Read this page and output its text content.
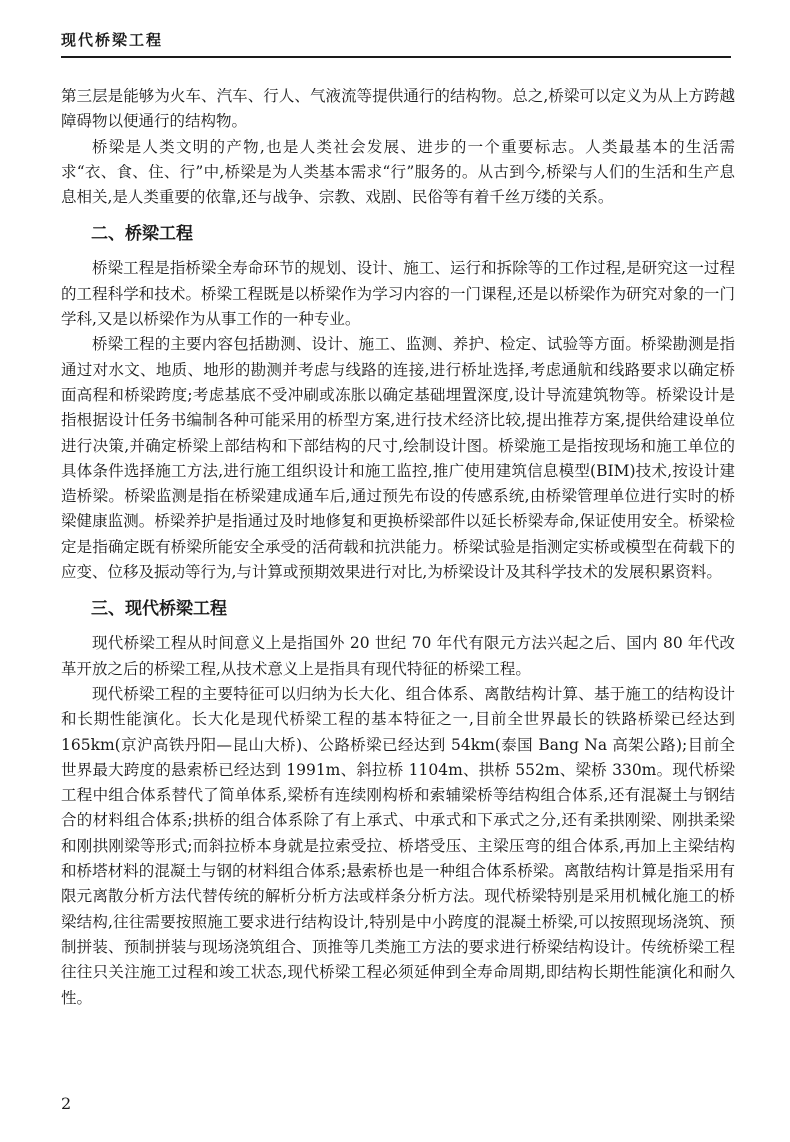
现代桥梁工程

第三层是能够为火车、汽车、行人、气液流等提供通行的结构物。总之,桥梁可以定义为从上方跨越障碍物以便通行的结构物。

桥梁是人类文明的产物,也是人类社会发展、进步的一个重要标志。人类最基本的生活需求“衣、食、住、行”中,桥梁是为人类基本需求“行”服务的。从古到今,桥梁与人们的生活和生产息息相关,是人类重要的依靠,还与战争、宗教、戏剧、民俗等有着千丝万缕的关系。

二、桥梁工程

桥梁工程是指桥梁全寿命环节的规划、设计、施工、运行和拆除等的工作过程,是研究这一过程的工程科学和技术。桥梁工程既是以桥梁作为学习内容的一门课程,还是以桥梁作为研究对象的一门学科,又是以桥梁作为从事工作的一种专业。

桥梁工程的主要内容包括勘测、设计、施工、监测、养护、检定、试验等方面。桥梁勘测是指通过对水文、地质、地形的勘测并考虑与线路的连接,进行桥址选择,考虑通航和线路要求以确定桥面高程和桥梁跨度;考虑基底不受冲刷或冻胀以确定基础埋置深度,设计导流建筑物等。桥梁设计是指根据设计任务书编制各种可能采用的桥型方案,进行技术经济比较,提出推荐方案,提供给建设单位进行决策,并确定桥梁上部结构和下部结构的尺寸,绘制设计图。桥梁施工是指按现场和施工单位的具体条件选择施工方法,进行施工组织设计和施工监控,推广使用建筑信息模型(BIM)技术,按设计建造桥梁。桥梁监测是指在桥梁建成通车后,通过预先布设的传感系统,由桥梁管理单位进行实时的桥梁健康监测。桥梁养护是指通过及时地修复和更换桥梁部件以延长桥梁寿命,保证使用安全。桥梁检定是指确定既有桥梁所能安全承受的活荷载和抗洪能力。桥梁试验是指测定实桥或模型在荷载下的应变、位移及振动等行为,与计算或预期效果进行对比,为桥梁设计及其科学技术的发展积累资料。

三、现代桥梁工程

现代桥梁工程从时间意义上是指国外 20 世纪 70 年代有限元方法兴起之后、国内 80 年代改革开放之后的桥梁工程,从技术意义上是指具有现代特征的桥梁工程。

现代桥梁工程的主要特征可以归纳为长大化、组合体系、离散结构计算、基于施工的结构设计和长期性能演化。长大化是现代桥梁工程的基本特征之一,目前全世界最长的铁路桥梁已经达到 165km(京沪高铁丹阳—昆山大桥)、公路桥梁已经达到 54km(泰国 Bang Na 高架公路);目前全世界最大跨度的悬索桥已经达到 1991m、斜拉桥 1104m、拱桥 552m、梁桥 330m。现代桥梁工程中组合体系替代了简单体系,梁桥有连续刚构桥和索辅梁桥等结构组合体系,还有混凝土与钢结合的材料组合体系;拱桥的组合体系除了有上承式、中承式和下承式之分,还有柔拱刚梁、刚拱柔梁和刚拱刚梁等形式;而斜拉桥本身就是拉索受拉、桥塔受压、主梁压弯的组合体系,再加上主梁结构和桥塔材料的混凝土与钢的材料组合体系;悬索桥也是一种组合体系桥梁。离散结构计算是指采用有限元离散分析方法代替传统的解析分析方法或样条分析方法。现代桥梁特别是采用机械化施工的桥梁结构,往往需要按照施工要求进行结构设计,特别是中小跨度的混凝土桥梁,可以按照现场浇筑、预制拼装、预制拼装与现场浇筑组合、顶推等几类施工方法的要求进行桥梁结构设计。传统桥梁工程往往只关注施工过程和竣工状态,现代桥梁工程必须延伸到全寿命周期,即结构长期性能演化和耐久性。

2
